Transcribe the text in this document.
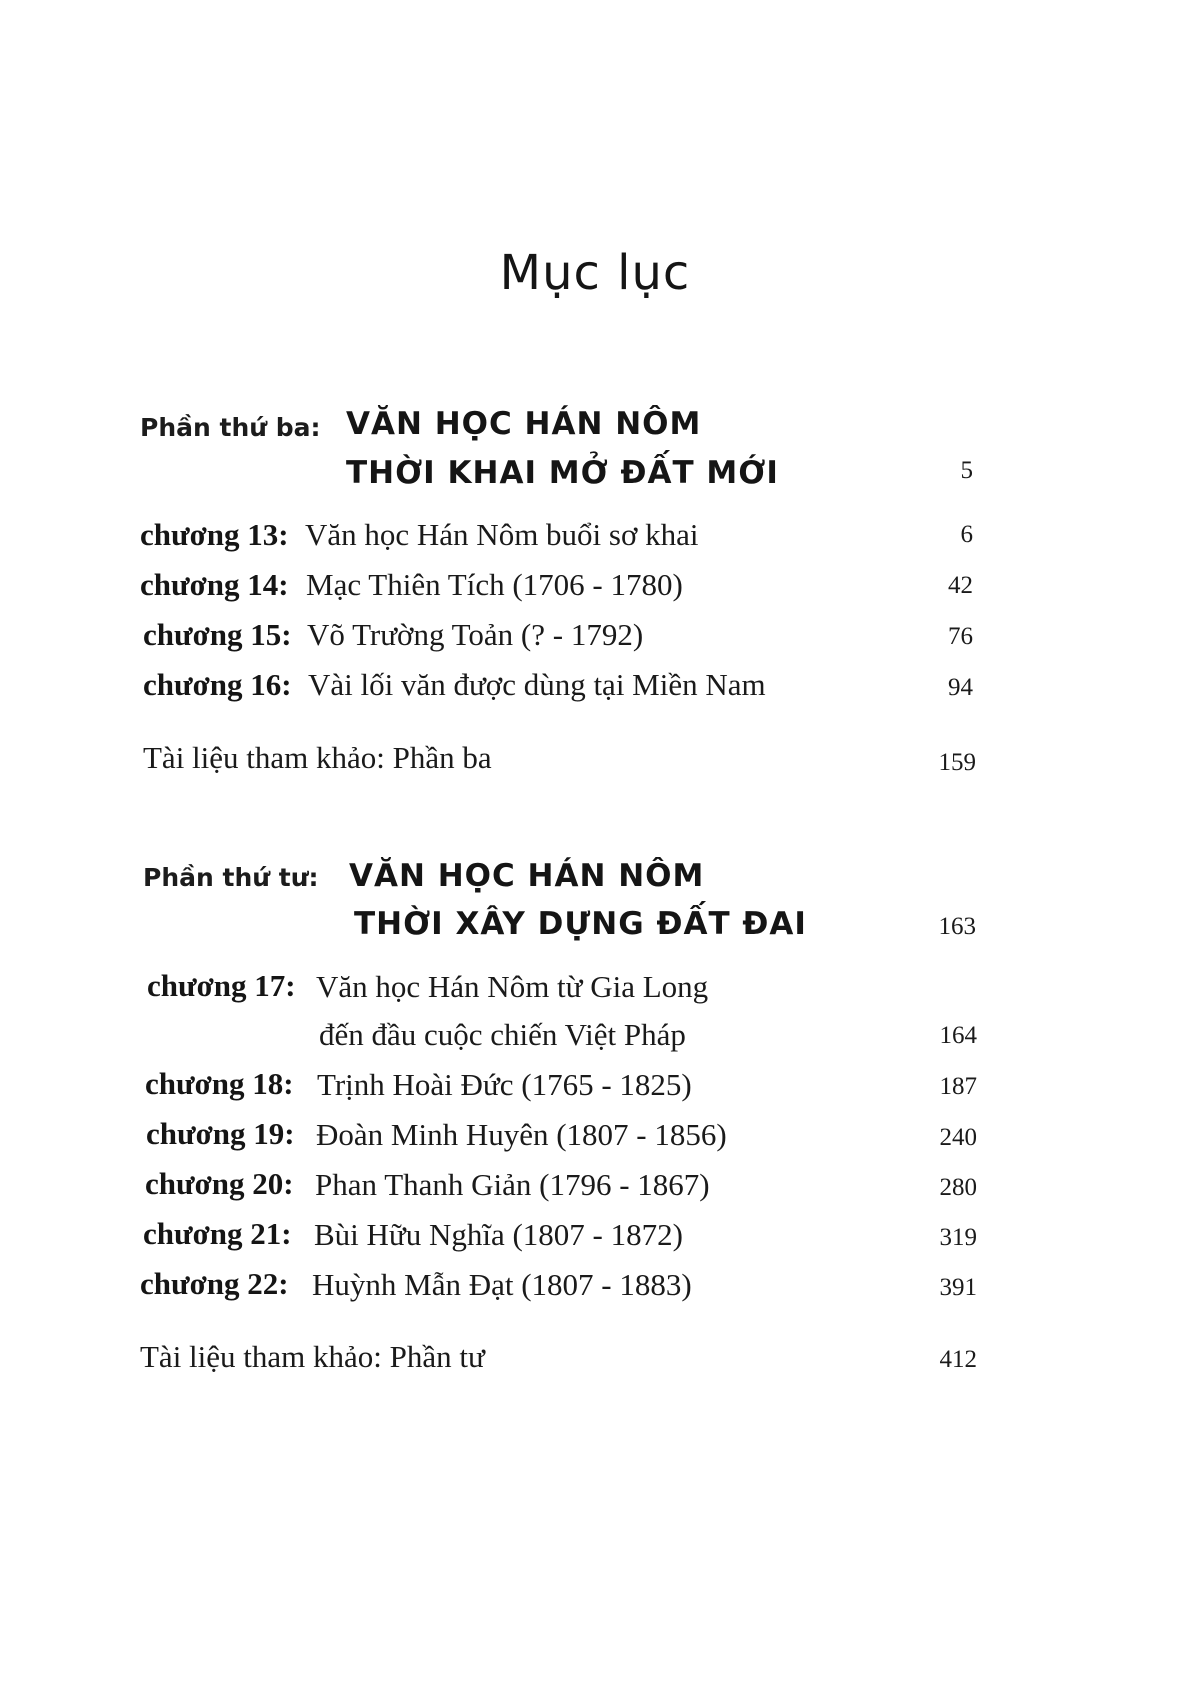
Mục lục
Phần thứ ba: VĂN HỌC HÁN NÔM
THỜI KHAI MỞ ĐẤT MỚI	5
chương 13: Văn học Hán Nôm buổi sơ khai	6
chương 14: Mạc Thiên Tích (1706 - 1780)	42
chương 15: Võ Trường Toản (? - 1792)	76
chương 16: Vài lối văn được dùng tại Miền Nam	94
Tài liệu tham khảo: Phần ba	159
Phần thứ tư: VĂN HỌC HÁN NÔM
THỜI XÂY DỰNG ĐẤT ĐAI	163
chương 17: Văn học Hán Nôm từ Gia Long
đến đầu cuộc chiến Việt Pháp	164
chương 18: Trịnh Hoài Đức (1765 - 1825)	187
chương 19: Đoàn Minh Huyên (1807 - 1856)	240
chương 20: Phan Thanh Giản (1796 - 1867)	280
chương 21: Bùi Hữu Nghĩa (1807 - 1872)	319
chương 22: Huỳnh Mẫn Đạt (1807 - 1883)	391
Tài liệu tham khảo: Phần tư	412
